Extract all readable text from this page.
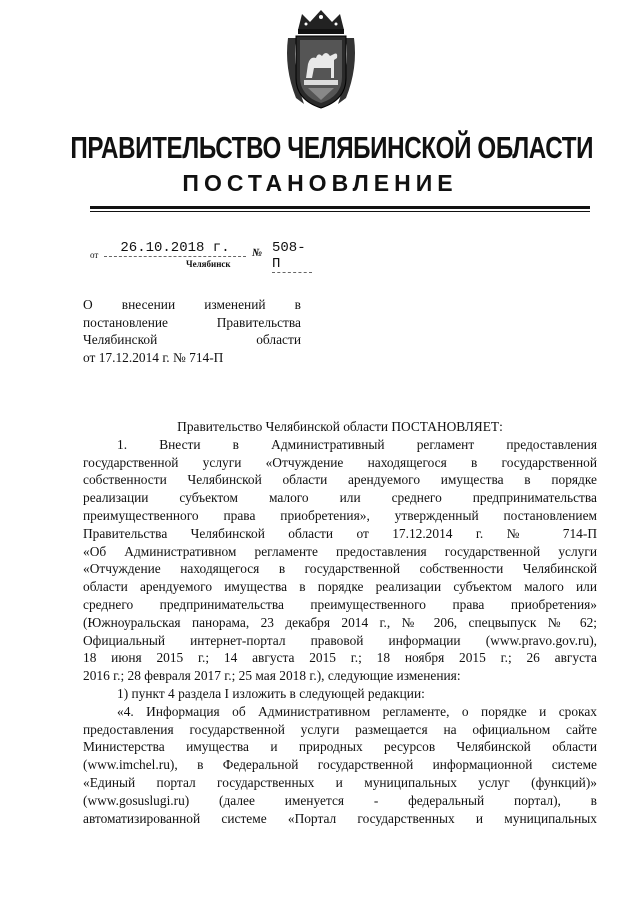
ПРАВИТЕЛЬСТВО ЧЕЛЯБИНСКОЙ ОБЛАСТИ
ПОСТАНОВЛЕНИЕ
от	26.10.2018 г.	№ 508-П
Челябинск
О внесении изменений в
постановление Правительства
Челябинской области
от 17.12.2014 г. № 714-П
Правительство Челябинской области ПОСТАНОВЛЯЕТ:
1. Внести в Административный регламент предоставления
государственной услуги «Отчуждение находящегося в государственной
собственности Челябинской области арендуемого имущества в порядке
реализации субъектом малого или среднего предпринимательства
преимущественного права приобретения», утвержденный постановлением
Правительства Челябинской области от 17.12.2014 г. № 714-П
«Об Административном регламенте предоставления государственной услуги
«Отчуждение находящегося в государственной собственности Челябинской
области арендуемого имущества в порядке реализации субъектом малого или
среднего предпринимательства преимущественного права приобретения»
(Южноуральская панорама, 23 декабря 2014 г., № 206, спецвыпуск № 62;
Официальный интернет-портал правовой информации (www.pravo.gov.ru),
18 июня 2015 г.; 14 августа 2015 г.; 18 ноября 2015 г.; 26 августа
2016 г.; 28 февраля 2017 г.; 25 мая 2018 г.), следующие изменения:
1) пункт 4 раздела I изложить в следующей редакции:
«4. Информация об Административном регламенте, о порядке и сроках
предоставления государственной услуги размещается на официальном сайте
Министерства имущества и природных ресурсов Челябинской области
(www.imchel.ru), в Федеральной государственной информационной системе
«Единый портал государственных и муниципальных услуг (функций)»
(www.gosuslugi.ru) (далее именуется - федеральный портал), в
автоматизированной системе «Портал государственных и муниципальных
